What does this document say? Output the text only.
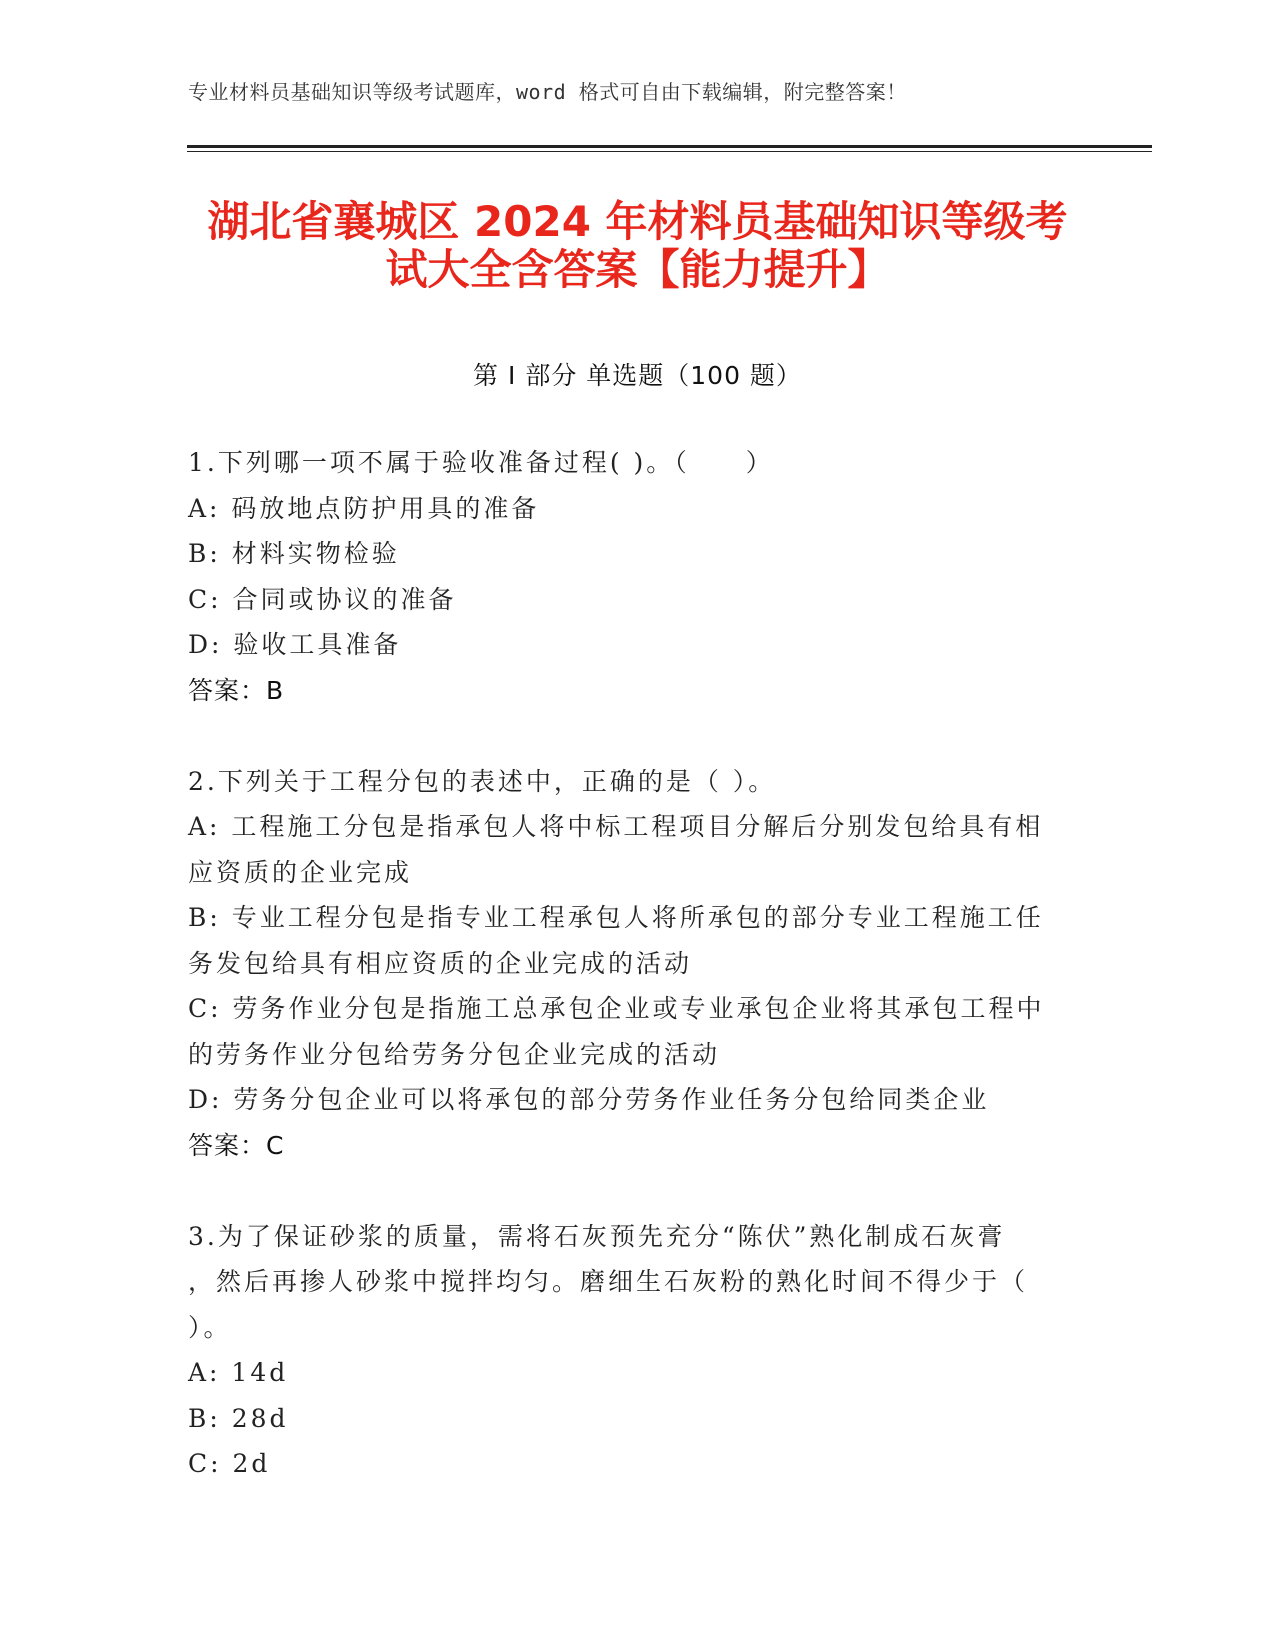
专业材料员基础知识等级考试题库，word 格式可自由下载编辑，附完整答案！
湖北省襄城区 2024 年材料员基础知识等级考
试大全含答案【能力提升】
第 I 部分 单选题（100 题）
1.下列哪一项不属于验收准备过程( )。（　　）
A: 码放地点防护用具的准备
B: 材料实物检验
C: 合同或协议的准备
D: 验收工具准备
答案：B
2.下列关于工程分包的表述中，正确的是（ ）。
A: 工程施工分包是指承包人将中标工程项目分解后分别发包给具有相
应资质的企业完成
B: 专业工程分包是指专业工程承包人将所承包的部分专业工程施工任
务发包给具有相应资质的企业完成的活动
C: 劳务作业分包是指施工总承包企业或专业承包企业将其承包工程中
的劳务作业分包给劳务分包企业完成的活动
D: 劳务分包企业可以将承包的部分劳务作业任务分包给同类企业
答案：C
3.为了保证砂浆的质量，需将石灰预先充分“陈伏”熟化制成石灰膏
，然后再掺人砂浆中搅拌均匀。磨细生石灰粉的熟化时间不得少于（
）。
A: 14d
B: 28d
C: 2d
